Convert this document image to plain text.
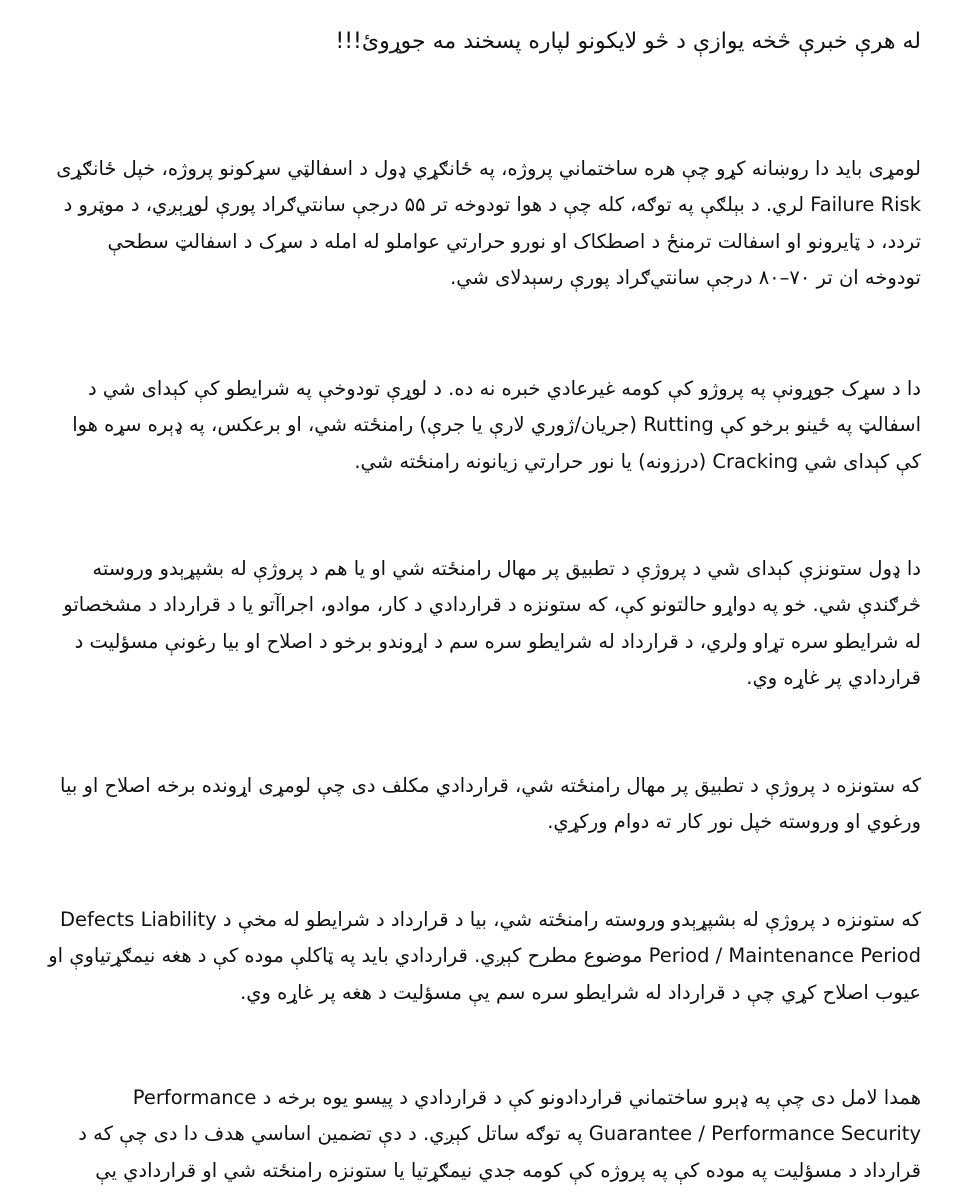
له هرې خبرې څخه يوازې د څو لايکونو لپاره پسخند مه جوړوئ!!!

لومړی باید دا روښانه کړو چې هره ساختماني پروژه، په ځانګړي ډول د اسفالټي سړکونو پروژه، خپل ځانګړی Failure Risk لري. د بېلګې په توګه، کله چې د هوا تودوخه تر ۵۵ درجې سانتي‌ګراد پورې لوړېږي، د موټرو د تردد، د ټايرونو او اسفالت ترمنځ د اصطکاک او نورو حرارتي عواملو له امله د سړک د اسفالټ سطحې تودوخه ان تر ۷۰–۸۰ درجې سانتي‌ګراد پورې رسېدلای شي.

دا د سړک جوړونې په پروژو کې کومه غیرعادي خبره نه ده. د لوړې تودوخې په شرايطو کې کېدای شي د اسفالټ په ځينو برخو کې Rutting (جریان/ژوري لارې یا جرې) رامنځته شي، او برعکس، په ډېره سړه هوا کې کېدای شي Cracking (درزونه) یا نور حرارتي زیانونه رامنځته شي.

دا ډول ستونزې کېدای شي د پروژې د تطبیق پر مهال رامنځته شي او یا هم د پروژې له بشپړېدو وروسته څرګندې شي. خو په دواړو حالتونو کې، که ستونزه د قراردادي د کار، موادو، اجراآتو یا د قرارداد د مشخصاتو له شرايطو سره تړاو ولري، د قرارداد له شرايطو سره سم د اړوندو برخو د اصلاح او بیا رغونې مسؤلیت د قراردادي پر غاړه وي.

که ستونزه د پروژې د تطبیق پر مهال رامنځته شي، قراردادي مکلف دی چې لومړی اړونده برخه اصلاح او بیا ورغوي او وروسته خپل نور کار ته دوام ورکړي.

که ستونزه د پروژې له بشپړېدو وروسته رامنځته شي، بیا د قرارداد د شرايطو له مخې د Defects Liability Period / Maintenance Period موضوع مطرح کېږي. قراردادي باید په ټاکلې موده کې د هغه نیمګړتیاوې او عیوب اصلاح کړي چې د قرارداد له شرايطو سره سم یې مسؤلیت د هغه پر غاړه وي.

همدا لامل دی چې په ډېرو ساختماني قراردادونو کې د قراردادي د پیسو یوه برخه د Performance Guarantee / Performance Security په توګه ساتل کېږي. د دې تضمین اساسي هدف دا دی چې که د قرارداد د مسؤلیت په موده کې په پروژه کې کومه جدي نیمګړتیا یا ستونزه رامنځته شي او قراردادي یې
